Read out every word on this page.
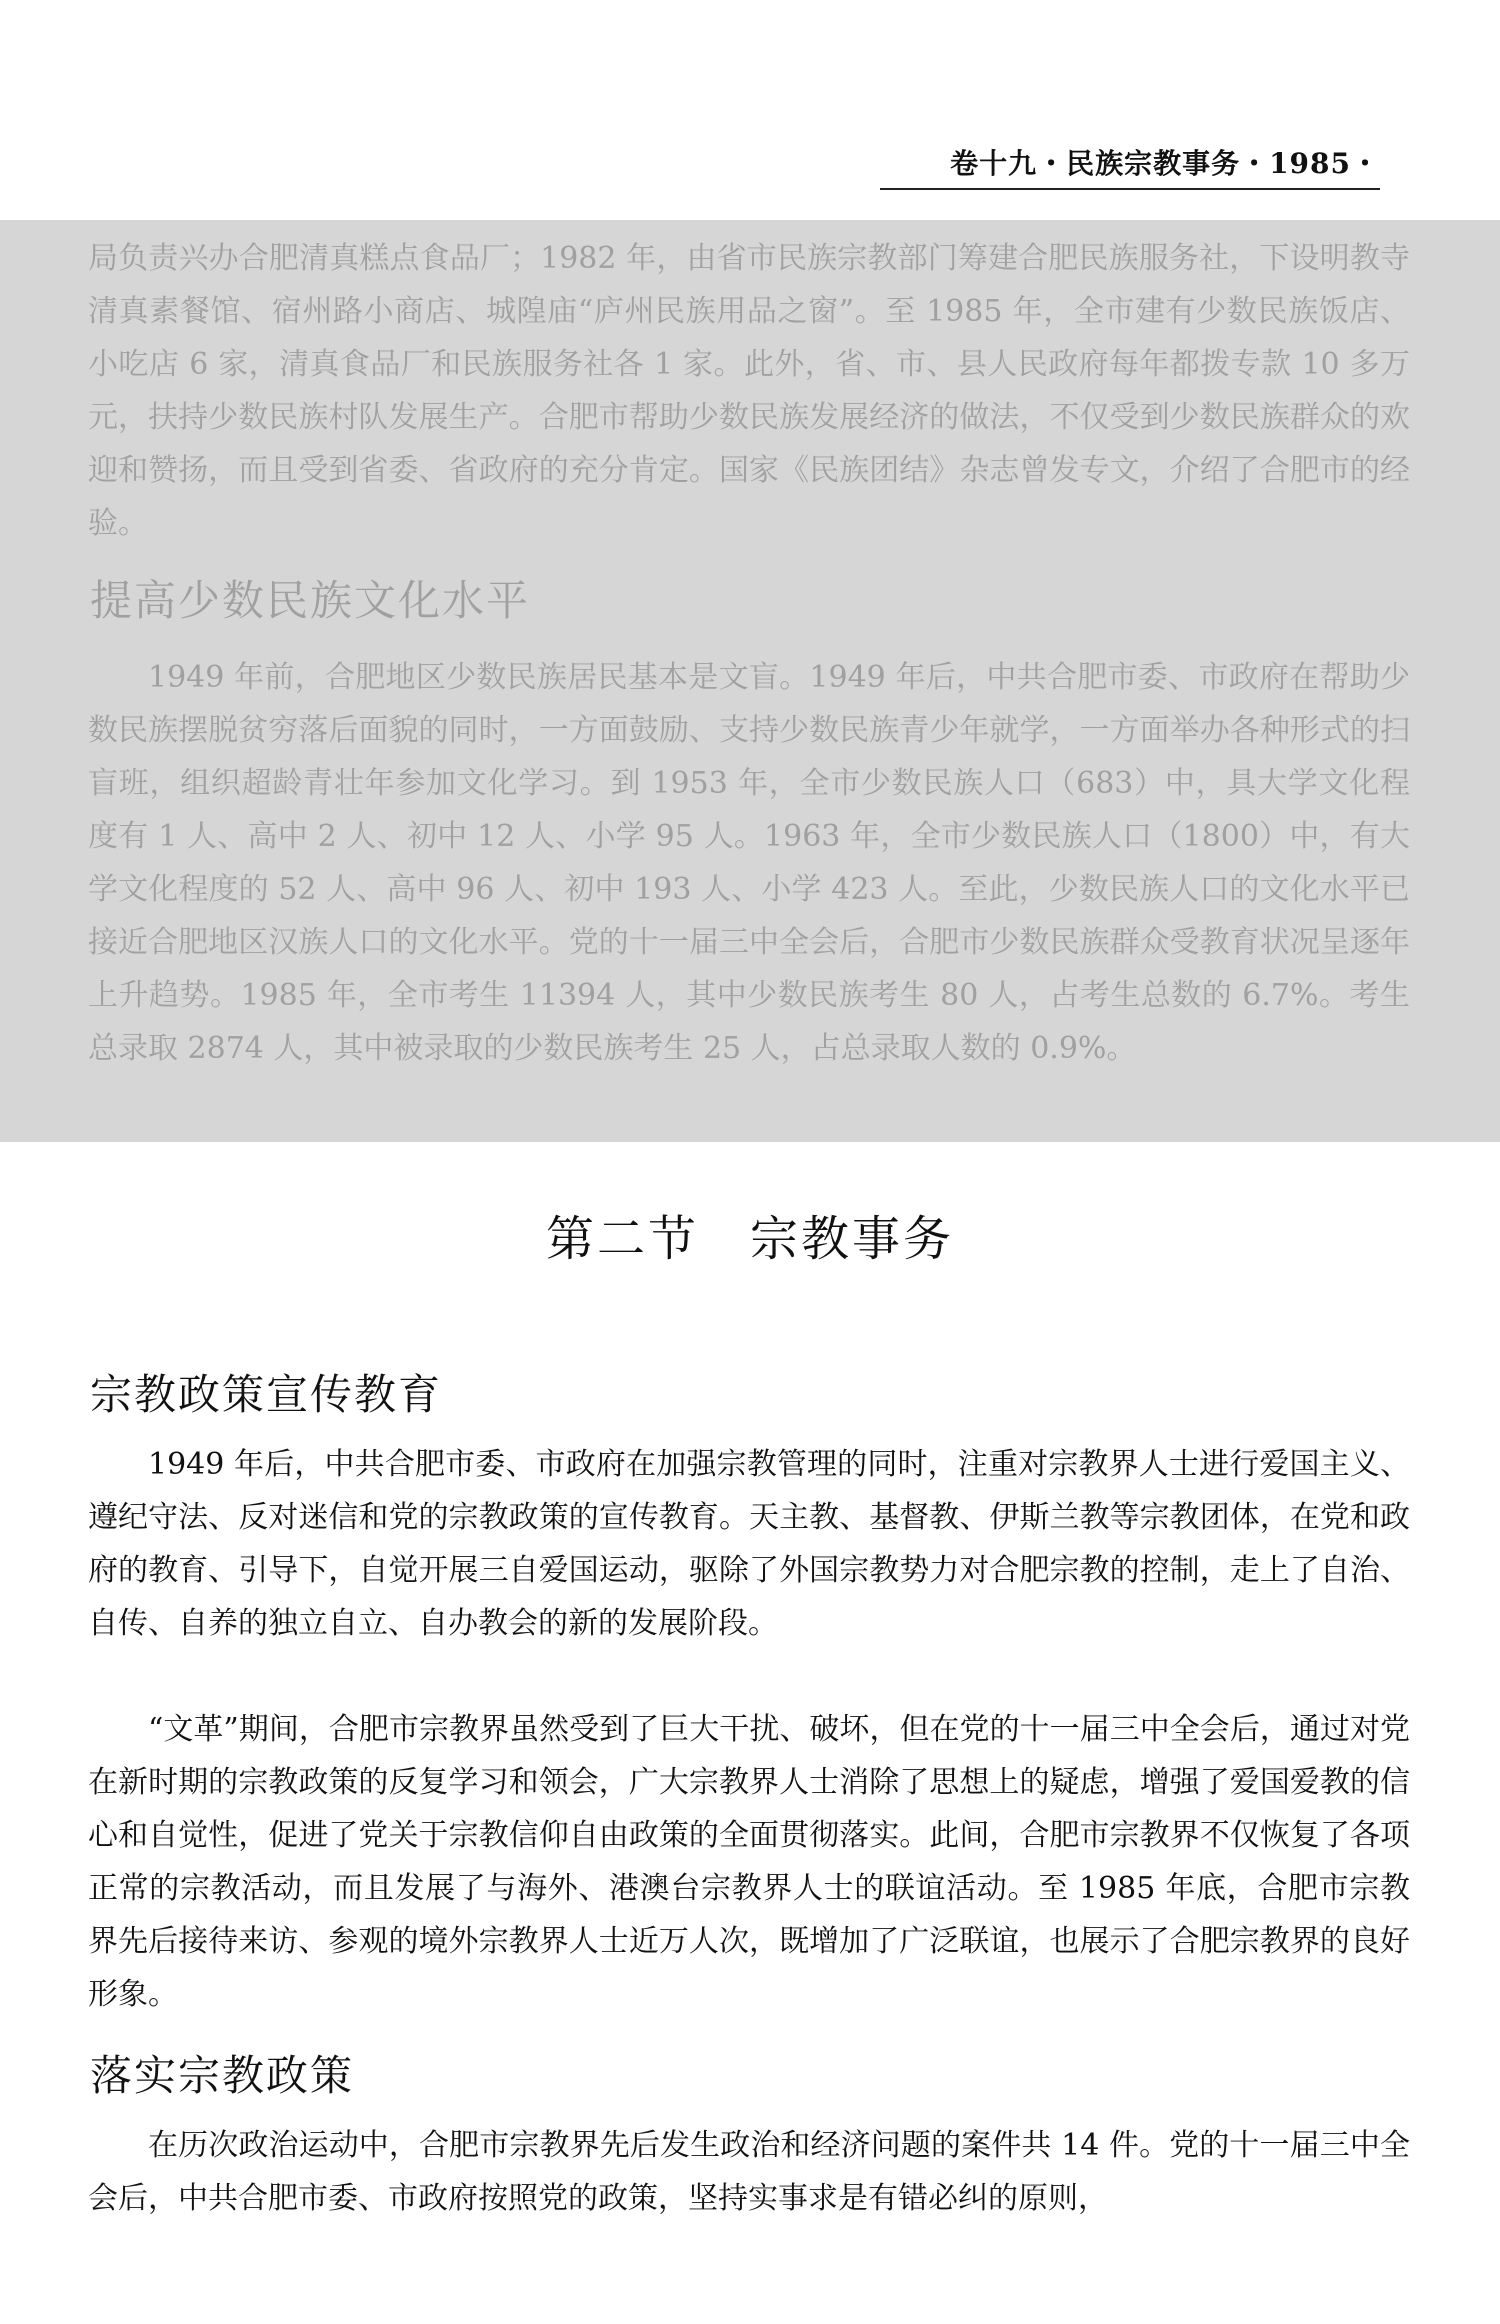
卷十九・民族宗教事务・1985・

局负责兴办合肥清真糕点食品厂；1982 年，由省市民族宗教部门筹建合肥民族服务社，下设明教寺清真素餐馆、宿州路小商店、城隍庙“庐州民族用品之窗”。至 1985 年，全市建有少数民族饭店、小吃店 6 家，清真食品厂和民族服务社各 1 家。此外，省、市、县人民政府每年都拨专款 10 多万元，扶持少数民族村队发展生产。合肥市帮助少数民族发展经济的做法，不仅受到少数民族群众的欢迎和赞扬，而且受到省委、省政府的充分肯定。国家《民族团结》杂志曾发专文，介绍了合肥市的经验。

提高少数民族文化水平

1949 年前，合肥地区少数民族居民基本是文盲。1949 年后，中共合肥市委、市政府在帮助少数民族摆脱贫穷落后面貌的同时，一方面鼓励、支持少数民族青少年就学，一方面举办各种形式的扫盲班，组织超龄青壮年参加文化学习。到 1953 年，全市少数民族人口（683）中，具大学文化程度有 1 人、高中 2 人、初中 12 人、小学 95 人。1963 年，全市少数民族人口（1800）中，有大学文化程度的 52 人、高中 96 人、初中 193 人、小学 423 人。至此，少数民族人口的文化水平已接近合肥地区汉族人口的文化水平。党的十一届三中全会后，合肥市少数民族群众受教育状况呈逐年上升趋势。1985 年，全市考生 11394 人，其中少数民族考生 80 人，占考生总数的 6.7%。考生总录取 2874 人，其中被录取的少数民族考生 25 人，占总录取人数的 0.9%。

第二节　宗教事务
宗教政策宣传教育

1949 年后，中共合肥市委、市政府在加强宗教管理的同时，注重对宗教界人士进行爱国主义、遵纪守法、反对迷信和党的宗教政策的宣传教育。天主教、基督教、伊斯兰教等宗教团体，在党和政府的教育、引导下，自觉开展三自爱国运动，驱除了外国宗教势力对合肥宗教的控制，走上了自治、自传、自养的独立自立、自办教会的新的发展阶段。

“文革”期间，合肥市宗教界虽然受到了巨大干扰、破坏，但在党的十一届三中全会后，通过对党在新时期的宗教政策的反复学习和领会，广大宗教界人士消除了思想上的疑虑，增强了爱国爱教的信心和自觉性，促进了党关于宗教信仰自由政策的全面贯彻落实。此间，合肥市宗教界不仅恢复了各项正常的宗教活动，而且发展了与海外、港澳台宗教界人士的联谊活动。至 1985 年底，合肥市宗教界先后接待来访、参观的境外宗教界人士近万人次，既增加了广泛联谊，也展示了合肥宗教界的良好形象。

落实宗教政策

在历次政治运动中，合肥市宗教界先后发生政治和经济问题的案件共 14 件。党的十一届三中全会后，中共合肥市委、市政府按照党的政策，坚持实事求是有错必纠的原则，
